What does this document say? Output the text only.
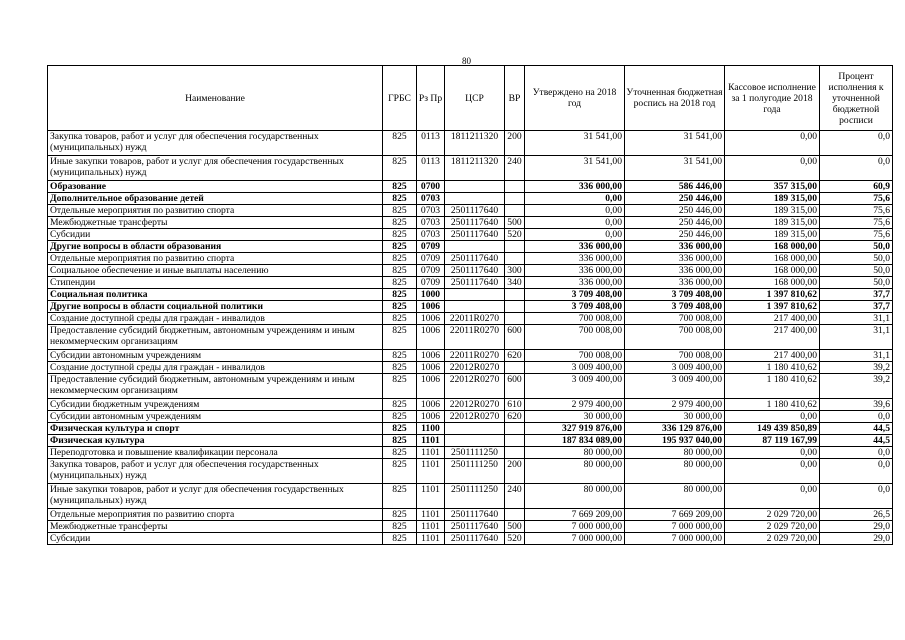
80
Наименование	ГРБС	Рз Пр	ЦСР	ВР	Утверждено на 2018 год	Уточненная бюджетная роспись на 2018 год	Кассовое исполнение за 1 полугодие 2018 года	Процент исполнения к уточненной бюджетной росписи
Закупка товаров, работ и услуг для обеспечения государственных (муниципальных) нужд	825	0113	1811211320	200	31 541,00	31 541,00	0,00	0,0
Иные закупки товаров, работ и услуг для обеспечения государственных (муниципальных) нужд	825	0113	1811211320	240	31 541,00	31 541,00	0,00	0,0
Образование	825	0700			336 000,00	586 446,00	357 315,00	60,9
Дополнительное образование детей	825	0703			0,00	250 446,00	189 315,00	75,6
Отдельные мероприятия по развитию спорта	825	0703	2501117640		0,00	250 446,00	189 315,00	75,6
Межбюджетные трансферты	825	0703	2501117640	500	0,00	250 446,00	189 315,00	75,6
Субсидии	825	0703	2501117640	520	0,00	250 446,00	189 315,00	75,6
Другие вопросы в области образования	825	0709			336 000,00	336 000,00	168 000,00	50,0
Отдельные мероприятия по развитию спорта	825	0709	2501117640		336 000,00	336 000,00	168 000,00	50,0
Социальное обеспечение и иные выплаты населению	825	0709	2501117640	300	336 000,00	336 000,00	168 000,00	50,0
Стипендии	825	0709	2501117640	340	336 000,00	336 000,00	168 000,00	50,0
Социальная политика	825	1000			3 709 408,00	3 709 408,00	1 397 810,62	37,7
Другие вопросы в области социальной политики	825	1006			3 709 408,00	3 709 408,00	1 397 810,62	37,7
Создание доступной среды для граждан - инвалидов	825	1006	22011R0270		700 008,00	700 008,00	217 400,00	31,1
Предоставление субсидий бюджетным, автономным учреждениям и иным некоммерческим организациям	825	1006	22011R0270	600	700 008,00	700 008,00	217 400,00	31,1
Субсидии автономным учреждениям	825	1006	22011R0270	620	700 008,00	700 008,00	217 400,00	31,1
Создание доступной среды для граждан - инвалидов	825	1006	22012R0270		3 009 400,00	3 009 400,00	1 180 410,62	39,2
Предоставление субсидий бюджетным, автономным учреждениям и иным некоммерческим организациям	825	1006	22012R0270	600	3 009 400,00	3 009 400,00	1 180 410,62	39,2
Субсидии бюджетным учреждениям	825	1006	22012R0270	610	2 979 400,00	2 979 400,00	1 180 410,62	39,6
Субсидии автономным учреждениям	825	1006	22012R0270	620	30 000,00	30 000,00	0,00	0,0
Физическая культура и спорт	825	1100			327 919 876,00	336 129 876,00	149 439 850,89	44,5
Физическая культура	825	1101			187 834 089,00	195 937 040,00	87 119 167,99	44,5
Переподготовка и повышение квалификации персонала	825	1101	2501111250		80 000,00	80 000,00	0,00	0,0
Закупка товаров, работ и услуг для обеспечения государственных (муниципальных) нужд	825	1101	2501111250	200	80 000,00	80 000,00	0,00	0,0
Иные закупки товаров, работ и услуг для обеспечения государственных (муниципальных) нужд	825	1101	2501111250	240	80 000,00	80 000,00	0,00	0,0
Отдельные мероприятия по развитию спорта	825	1101	2501117640		7 669 209,00	7 669 209,00	2 029 720,00	26,5
Межбюджетные трансферты	825	1101	2501117640	500	7 000 000,00	7 000 000,00	2 029 720,00	29,0
Субсидии	825	1101	2501117640	520	7 000 000,00	7 000 000,00	2 029 720,00	29,0
